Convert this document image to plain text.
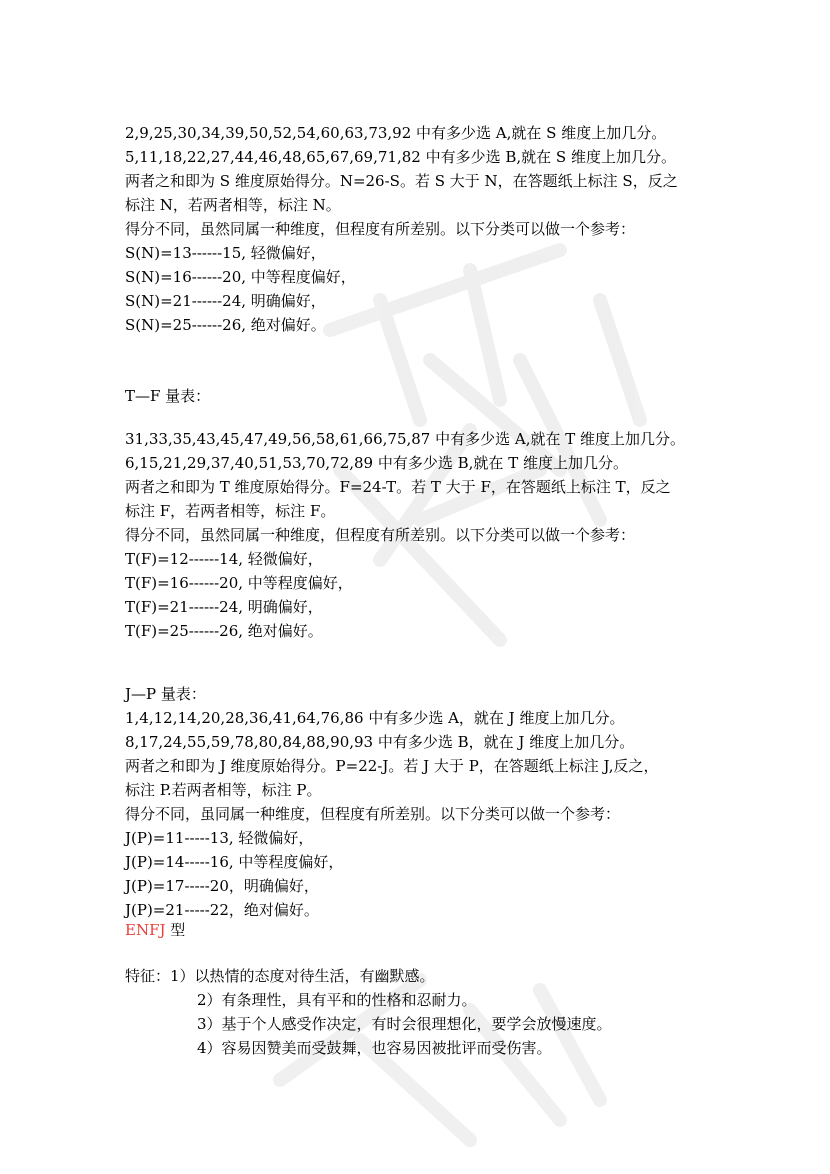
2,9,25,30,34,39,50,52,54,60,63,73,92 中有多少选 A,就在 S 维度上加几分。
5,11,18,22,27,44,46,48,65,67,69,71,82 中有多少选 B,就在 S 维度上加几分。
两者之和即为 S 维度原始得分。N=26-S。若 S 大于 N，在答题纸上标注 S，反之
标注 N，若两者相等，标注 N。
得分不同，虽然同属一种维度，但程度有所差别。以下分类可以做一个参考：
S(N)=13------15, 轻微偏好，
S(N)=16------20, 中等程度偏好，
S(N)=21------24, 明确偏好，
S(N)=25------26, 绝对偏好。
T—F 量表：
31,33,35,43,45,47,49,56,58,61,66,75,87 中有多少选 A,就在 T 维度上加几分。
6,15,21,29,37,40,51,53,70,72,89 中有多少选 B,就在 T 维度上加几分。
两者之和即为 T 维度原始得分。F=24-T。若 T 大于 F，在答题纸上标注 T，反之
标注 F，若两者相等，标注 F。
得分不同，虽然同属一种维度，但程度有所差别。以下分类可以做一个参考：
T(F)=12------14, 轻微偏好，
T(F)=16------20, 中等程度偏好，
T(F)=21------24, 明确偏好，
T(F)=25------26, 绝对偏好。
J—P 量表：
1,4,12,14,20,28,36,41,64,76,86 中有多少选 A，就在 J 维度上加几分。
8,17,24,55,59,78,80,84,88,90,93 中有多少选 B，就在 J 维度上加几分。
两者之和即为 J 维度原始得分。P=22-J。若 J 大于 P，在答题纸上标注 J,反之，
标注 P.若两者相等，标注 P。
得分不同，虽同属一种维度，但程度有所差别。以下分类可以做一个参考：
J(P)=11-----13, 轻微偏好，
J(P)=14-----16, 中等程度偏好，
J(P)=17-----20，明确偏好，
J(P)=21-----22，绝对偏好。
ENFJ 型
特征：1）以热情的态度对待生活，有幽默感。
2）有条理性，具有平和的性格和忍耐力。
3）基于个人感受作决定，有时会很理想化，要学会放慢速度。
4）容易因赞美而受鼓舞，也容易因被批评而受伤害。
